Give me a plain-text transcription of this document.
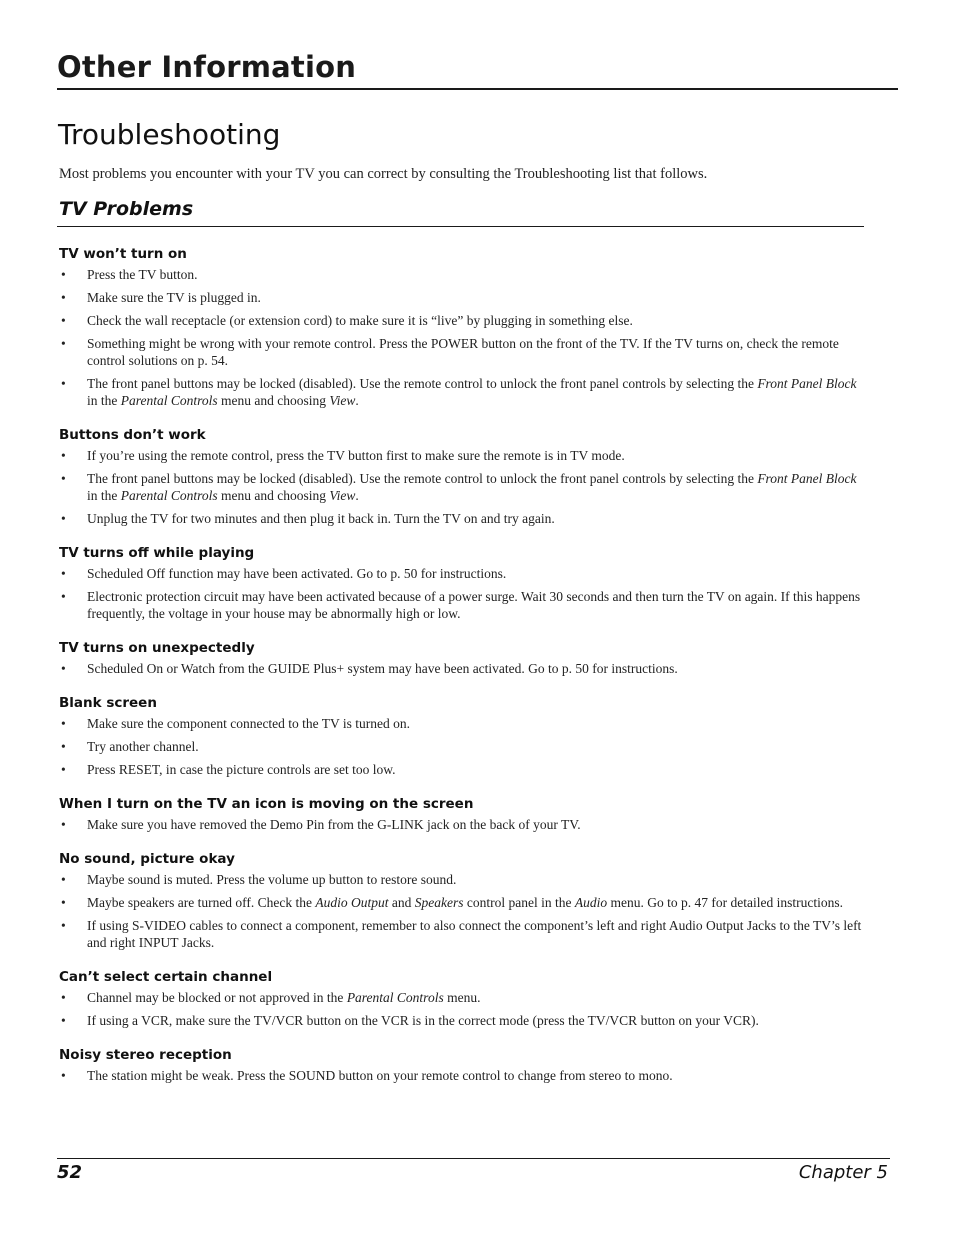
Other Information
Troubleshooting

Most problems you encounter with your TV you can correct by consulting the Troubleshooting list that follows.

TV Problems
TV won’t turn on
• Press the TV button.
• Make sure the TV is plugged in.
• Check the wall receptacle (or extension cord) to make sure it is “live” by plugging in something else.
• Something might be wrong with your remote control. Press the POWER button on the front of the TV. If the TV turns on, check the remote control solutions on p. 54.
• The front panel buttons may be locked (disabled). Use the remote control to unlock the front panel controls by selecting the Front Panel Block in the Parental Controls menu and choosing View.
Buttons don’t work
• If you’re using the remote control, press the TV button first to make sure the remote is in TV mode.
• The front panel buttons may be locked (disabled). Use the remote control to unlock the front panel controls by selecting the Front Panel Block in the Parental Controls menu and choosing View.
• Unplug the TV for two minutes and then plug it back in. Turn the TV on and try again.
TV turns off while playing
• Scheduled Off function may have been activated. Go to p. 50 for instructions.
• Electronic protection circuit may have been activated because of a power surge. Wait 30 seconds and then turn the TV on again. If this happens frequently, the voltage in your house may be abnormally high or low.
TV turns on unexpectedly
• Scheduled On or Watch from the GUIDE Plus+ system may have been activated. Go to p. 50 for instructions.
Blank screen
• Make sure the component connected to the TV is turned on.
• Try another channel.
• Press RESET, in case the picture controls are set too low.
When I turn on the TV an icon is moving on the screen
• Make sure you have removed the Demo Pin from the G-LINK jack on the back of your TV.
No sound, picture okay
• Maybe sound is muted. Press the volume up button to restore sound.
• Maybe speakers are turned off. Check the Audio Output and Speakers control panel in the Audio menu. Go to p. 47 for detailed instructions.
• If using S-VIDEO cables to connect a component, remember to also connect the component’s left and right Audio Output Jacks to the TV’s left and right INPUT Jacks.
Can’t select certain channel
• Channel may be blocked or not approved in the Parental Controls menu.
• If using a VCR, make sure the TV/VCR button on the VCR is in the correct mode (press the TV/VCR button on your VCR).
Noisy stereo reception
• The station might be weak. Press the SOUND button on your remote control to change from stereo to mono.
52	Chapter 5
